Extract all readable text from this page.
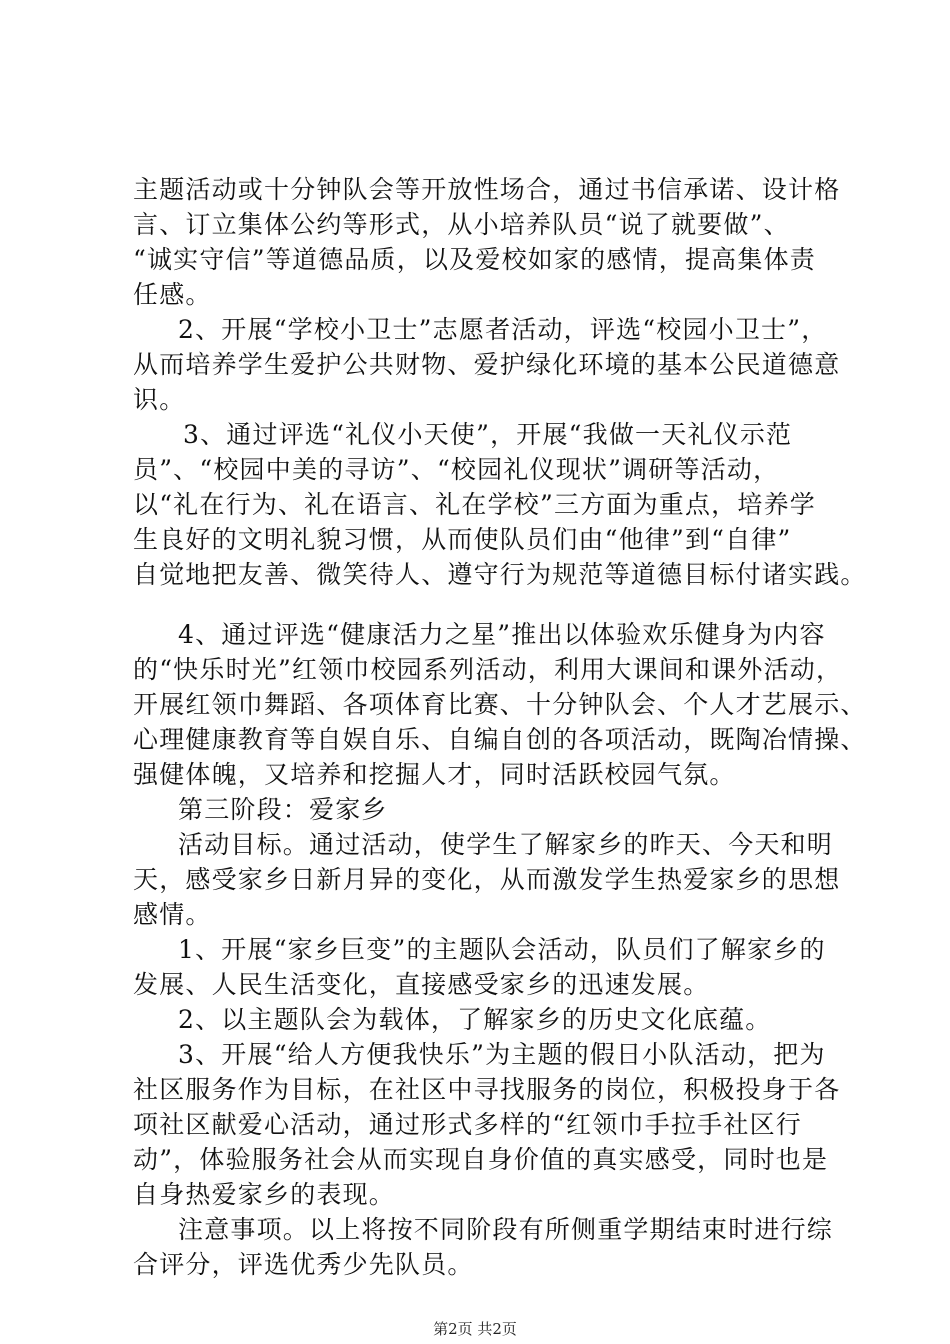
主题活动或十分钟队会等开放性场合，通过书信承诺、设计格
言、订立集体公约等形式，从小培养队员“说了就要做”、
“诚实守信”等道德品质，以及爱校如家的感情，提高集体责
任感。
2、开展“学校小卫士”志愿者活动，评选“校园小卫士”，
从而培养学生爱护公共财物、爱护绿化环境的基本公民道德意
识。
3、通过评选“礼仪小天使”，开展“我做一天礼仪示范
员”、“校园中美的寻访”、“校园礼仪现状”调研等活动，
以“礼在行为、礼在语言、礼在学校”三方面为重点，培养学
生良好的文明礼貌习惯，从而使队员们由“他律”到“自律”
自觉地把友善、微笑待人、遵守行为规范等道德目标付诸实践。
4、通过评选“健康活力之星”推出以体验欢乐健身为内容
的“快乐时光”红领巾校园系列活动，利用大课间和课外活动，
开展红领巾舞蹈、各项体育比赛、十分钟队会、个人才艺展示、
心理健康教育等自娱自乐、自编自创的各项活动，既陶冶情操、
强健体魄，又培养和挖掘人才，同时活跃校园气氛。
第三阶段：爱家乡
活动目标。通过活动，使学生了解家乡的昨天、今天和明
天，感受家乡日新月异的变化，从而激发学生热爱家乡的思想
感情。
1、开展“家乡巨变”的主题队会活动，队员们了解家乡的
发展、人民生活变化，直接感受家乡的迅速发展。
2、以主题队会为载体，了解家乡的历史文化底蕴。
3、开展“给人方便我快乐”为主题的假日小队活动，把为
社区服务作为目标，在社区中寻找服务的岗位，积极投身于各
项社区献爱心活动，通过形式多样的“红领巾手拉手社区行
动”，体验服务社会从而实现自身价值的真实感受，同时也是
自身热爱家乡的表现。
注意事项。以上将按不同阶段有所侧重学期结束时进行综
合评分，评选优秀少先队员。
第2页 共2页
